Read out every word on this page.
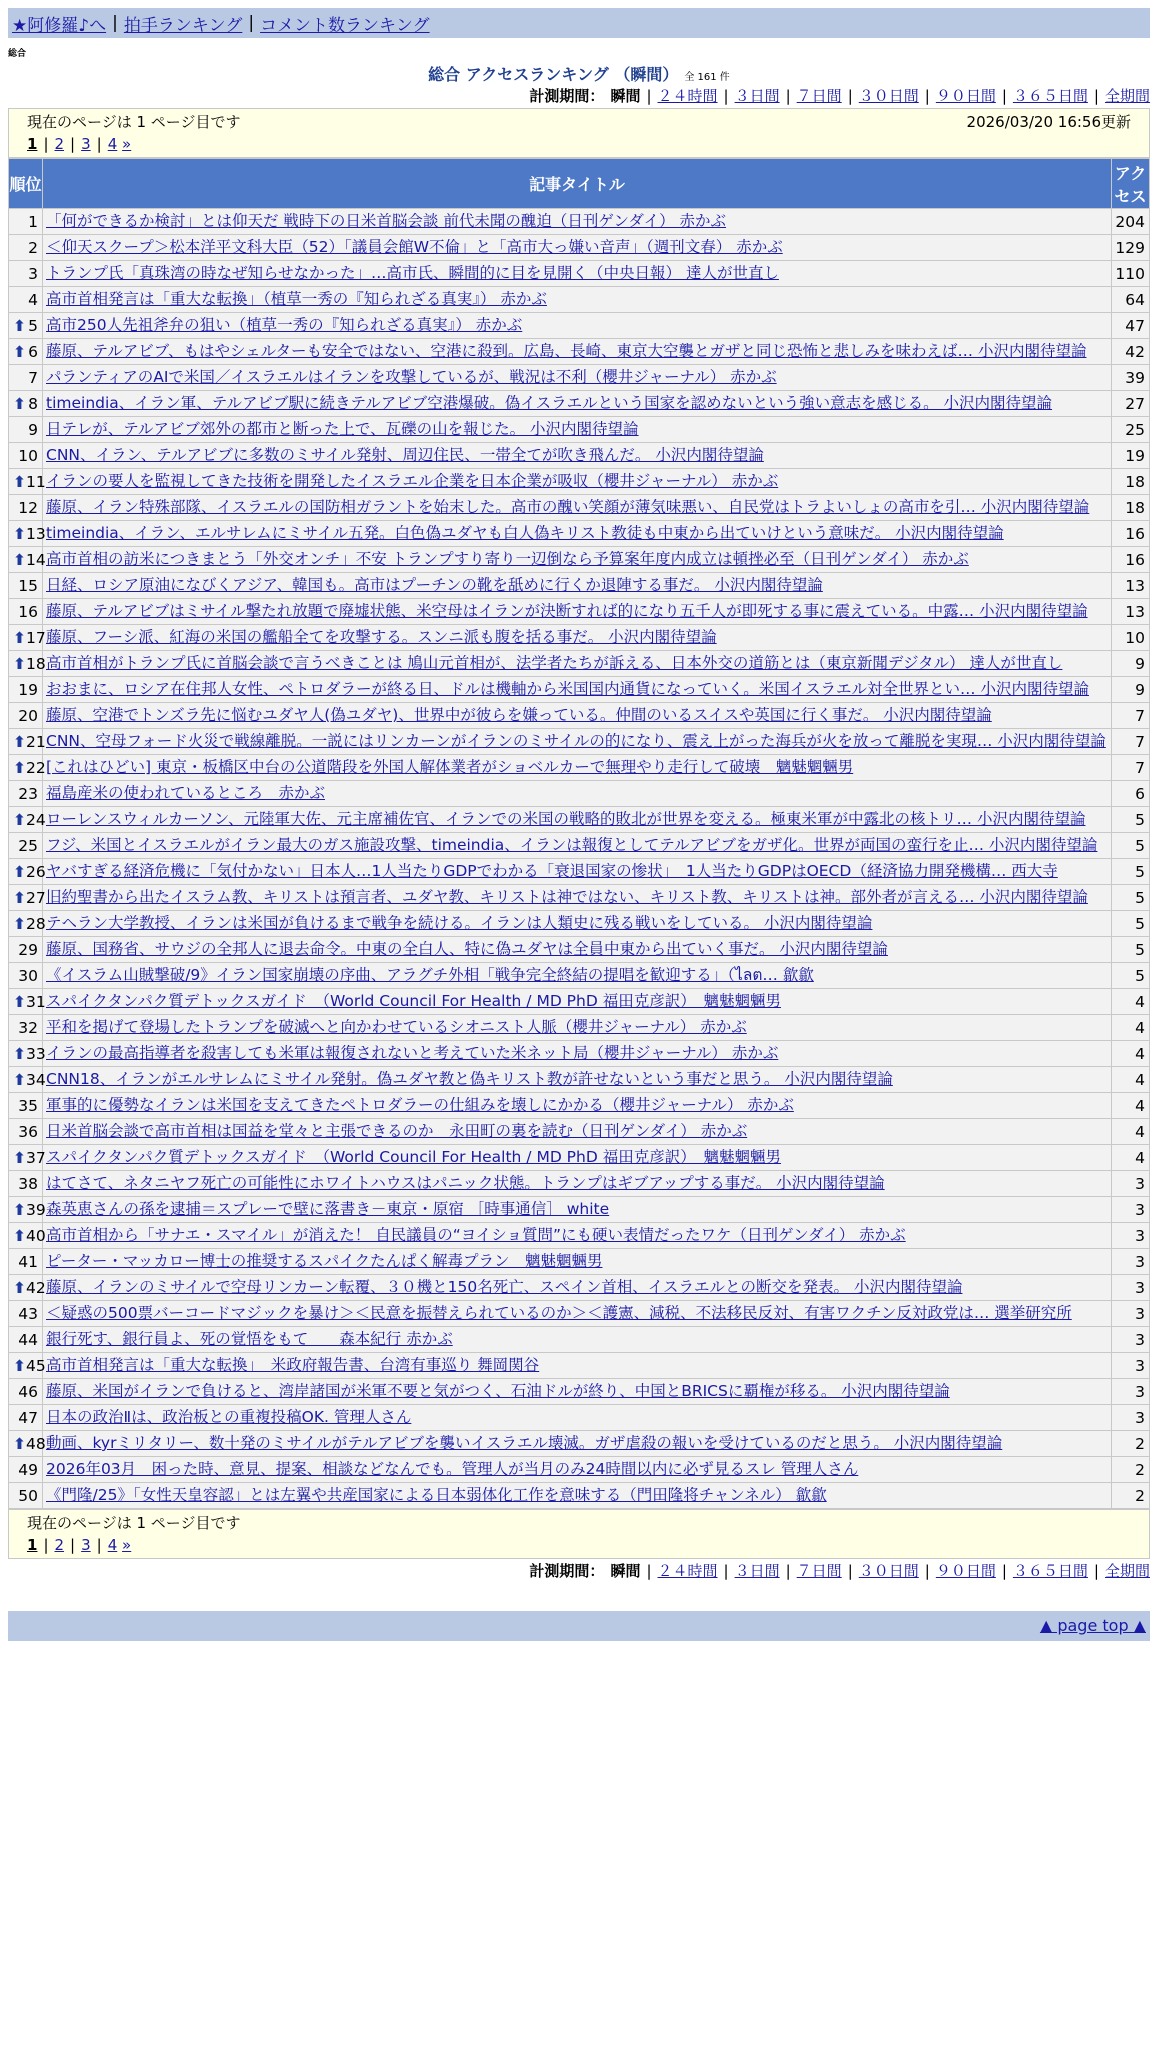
★阿修羅♪へ | 拍手ランキング | コメント数ランキング
総合
総合 アクセスランキング （瞬間） 全 161 件
計測期間： 瞬間 | ２４時間 | ３日間 | ７日間 | ３０日間 | ９０日間 | ３６５日間 | 全期間
現在のページは 1 ページ目です	2026/03/20 16:56更新
1 | 2 | 3 | 4 »
順位	記事タイトル	アクセス
1	「何ができるか検討」とは仰天だ 戦時下の日米首脳会談 前代未聞の醜迫（日刊ゲンダイ） 赤かぶ	204
2	＜仰天スクープ＞松本洋平文科大臣（52）「議員会館W不倫」と「高市大っ嫌い音声」（週刊文春） 赤かぶ	129
3	トランプ氏「真珠湾の時なぜ知らせなかった」…高市氏、瞬間的に目を見開く（中央日報） 達人が世直し	110
4	高市首相発言は「重大な転換」（植草一秀の『知られざる真実』） 赤かぶ	64

⬆ 5	高市250人先祖斧弁の狙い（植草一秀の『知られざる真実』） 赤かぶ	47

⬆ 6	藤原、テルアビブ、もはやシェルターも安全ではない、空港に殺到。広島、長崎、東京大空襲とガザと同じ恐怖と悲しみを味わえば… 小沢内閣待望論	42
7	パランティアのAIで米国／イスラエルはイランを攻撃しているが、戦況は不利（櫻井ジャーナル） 赤かぶ	39

⬆ 8	timeindia、イラン軍、テルアビブ駅に続きテルアビブ空港爆破。偽イスラエルという国家を認めないという強い意志を感じる。 小沢内閣待望論	27
9	日テレが、テルアビブ郊外の都市と断った上で、瓦礫の山を報じた。 小沢内閣待望論	25
10	CNN、イラン、テルアビブに多数のミサイル発射、周辺住民、一帯全てが吹き飛んだ。 小沢内閣待望論	19

⬆ 11	イランの要人を監視してきた技術を開発したイスラエル企業を日本企業が吸収（櫻井ジャーナル） 赤かぶ	18
12	藤原、イラン特殊部隊、イスラエルの国防相ガラントを始末した。高市の醜い笑顔が薄気味悪い、自民党はトラよいしょの高市を引… 小沢内閣待望論	18

⬆ 13	timeindia、イラン、エルサレムにミサイル五発。白色偽ユダヤも白人偽キリスト教徒も中東から出ていけという意味だ。 小沢内閣待望論	16

⬆ 14	高市首相の訪米につきまとう「外交オンチ」不安 トランプすり寄り一辺倒なら予算案年度内成立は頓挫必至（日刊ゲンダイ） 赤かぶ	16
15	日経、ロシア原油になびくアジア、韓国も。高市はプーチンの靴を舐めに行くか退陣する事だ。 小沢内閣待望論	13
16	藤原、テルアビブはミサイル撃たれ放題で廃墟状態、米空母はイランが決断すれば的になり五千人が即死する事に震えている。中露… 小沢内閣待望論	13

⬆ 17	藤原、フーシ派、紅海の米国の艦船全てを攻撃する。スンニ派も腹を括る事だ。 小沢内閣待望論	10

⬆ 18	高市首相がトランプ氏に首脳会談で言うべきことは 鳩山元首相が、法学者たちが訴える、日本外交の道筋とは（東京新聞デジタル） 達人が世直し	9
19	おおまに、ロシア在住邦人女性、ペトロダラーが終る日、ドルは機軸から米国国内通貨になっていく。米国イスラエル対全世界とい… 小沢内閣待望論	9
20	藤原、空港でトンズラ先に悩むユダヤ人(偽ユダヤ)、世界中が彼らを嫌っている。仲間のいるスイスや英国に行く事だ。 小沢内閣待望論	7

⬆ 21	CNN、空母フォード火災で戦線離脱。一説にはリンカーンがイランのミサイルの的になり、震え上がった海兵が火を放って離脱を実現… 小沢内閣待望論	7

⬆ 22	[これはひどい] 東京・板橋区中台の公道階段を外国人解体業者がショベルカーで無理やり走行して破壊　魑魅魍魎男	7
23	福島産米の使われているところ　赤かぶ	6

⬆ 24	ローレンスウィルカーソン、元陸軍大佐、元主席補佐官、イランでの米国の戦略的敗北が世界を変える。極東米軍が中露北の核トリ… 小沢内閣待望論	5
25	フジ、米国とイスラエルがイラン最大のガス施設攻撃、timeindia、イランは報復としてテルアビブをガザ化。世界が両国の蛮行を止… 小沢内閣待望論	5

⬆ 26	ヤバすぎる経済危機に「気付かない」日本人…1人当たりGDPでわかる「衰退国家の惨状」　1人当たりGDPはOECD（経済協力開発機構… 西大寺	5

⬆ 27	旧約聖書から出たイスラム教、キリストは預言者、ユダヤ教、キリストは神ではない、キリスト教、キリストは神。部外者が言える… 小沢内閣待望論	5

⬆ 28	テヘラン大学教授、イランは米国が負けるまで戦争を続ける。イランは人類史に残る戦いをしている。 小沢内閣待望論	5
29	藤原、国務省、サウジの全邦人に退去命令。中東の全白人、特に偽ユダヤは全員中東から出ていく事だ。 小沢内閣待望論	5
30	《イスラム山賊撃破/9》イラン国家崩壊の序曲、アラグチ外相「戦争完全終結の提唱を歓迎する」（ไลต… 歙歙	5

⬆ 31	スパイクタンパク質デトックスガイド　（World Council For Health / MD PhD 福田克彦訳）　魑魅魍魎男	4
32	平和を掲げて登場したトランプを破滅へと向かわせているシオニスト人脈（櫻井ジャーナル） 赤かぶ	4

⬆ 33	イランの最高指導者を殺害しても米軍は報復されないと考えていた米ネット局（櫻井ジャーナル） 赤かぶ	4

⬆ 34	CNN18、イランがエルサレムにミサイル発射。偽ユダヤ教と偽キリスト教が許せないという事だと思う。 小沢内閣待望論	4
35	軍事的に優勢なイランは米国を支えてきたペトロダラーの仕組みを壊しにかかる（櫻井ジャーナル） 赤かぶ	4
36	日米首脳会談で高市首相は国益を堂々と主張できるのか　永田町の裏を読む（日刊ゲンダイ） 赤かぶ	4

⬆ 37	スパイクタンパク質デトックスガイド　（World Council For Health / MD PhD 福田克彦訳）　魑魅魍魎男	4
38	はてさて、ネタニヤフ死亡の可能性にホワイトハウスはパニック状態。トランプはギブアップする事だ。 小沢内閣待望論	3

⬆ 39	森英恵さんの孫を逮捕＝スプレーで壁に落書き－東京・原宿 ［時事通信］ white	3

⬆ 40	高市首相から「サナエ・スマイル」が消えた！ 自民議員の“ヨイショ質問”にも硬い表情だったワケ（日刊ゲンダイ） 赤かぶ	3
41	ピーター・マッカロー博士の推奨するスパイクたんぱく解毒プラン　魑魅魍魎男	3

⬆ 42	藤原、イランのミサイルで空母リンカーン転覆、３０機と150名死亡、スペイン首相、イスラエルとの断交を発表。 小沢内閣待望論	3
43	＜疑惑の500票バーコードマジックを暴け＞＜民意を振替えられているのか＞＜護憲、減税、不法移民反対、有害ワクチン反対政党は… 選挙研究所	3
44	銀行死す、銀行員よ、死の覚悟をもて　　森本紀行 赤かぶ	3

⬆ 45	高市首相発言は「重大な転換」　米政府報告書、台湾有事巡り 舞岡関谷	3
46	藤原、米国がイランで負けると、湾岸諸国が米軍不要と気がつく、石油ドルが終り、中国とBRICSに覇権が移る。 小沢内閣待望論	3
47	日本の政治Ⅱは、政治板との重複投稿OK. 管理人さん	3

⬆ 48	動画、kyrミリタリー、数十発のミサイルがテルアビブを襲いイスラエル壊滅。ガザ虐殺の報いを受けているのだと思う。 小沢内閣待望論	2
49	2026年03月　困った時、意見、提案、相談などなんでも。管理人が当月のみ24時間以内に必ず見るスレ 管理人さん	2
50	《門隆/25》「女性天皇容認」とは左翼や共産国家による日本弱体化工作を意味する（門田隆将チャンネル） 歙歙	2
現在のページは 1 ページ目です
1 | 2 | 3 | 4 »
計測期間： 瞬間 | ２４時間 | ３日間 | ７日間 | ３０日間 | ９０日間 | ３６５日間 | 全期間
▲ page top ▲
